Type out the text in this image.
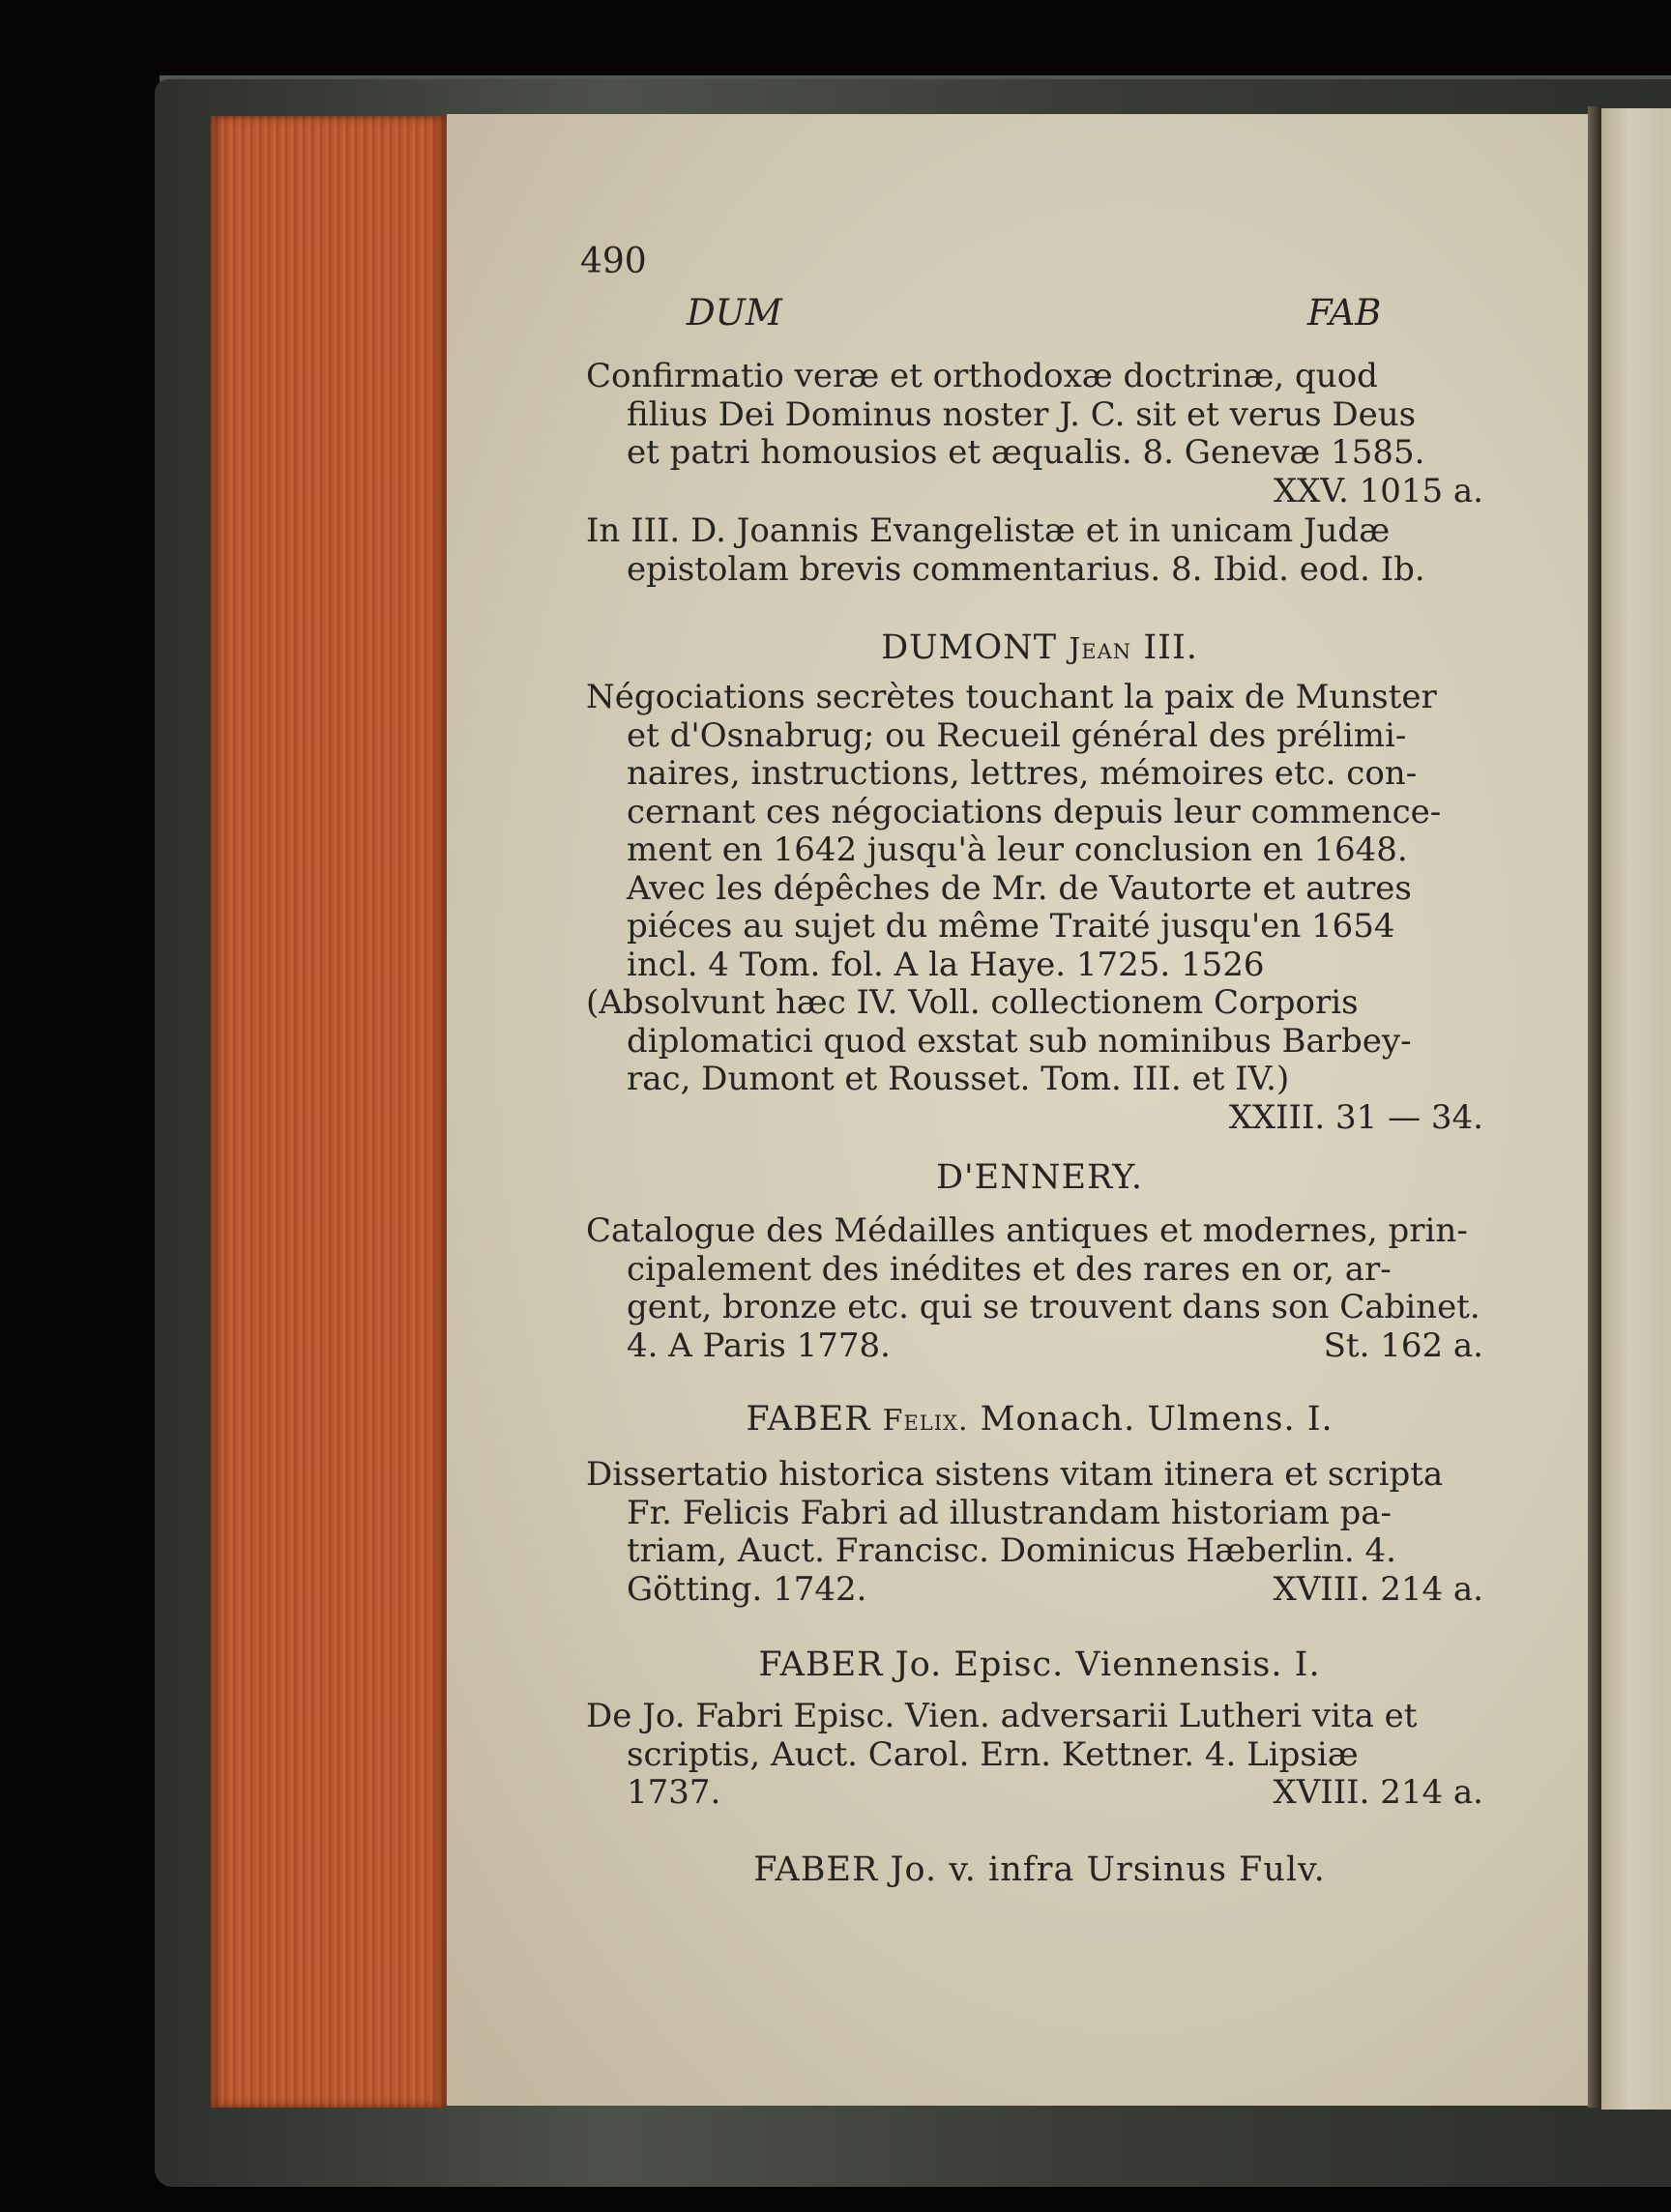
490
DUM	FAB
Confirmatio veræ et orthodoxæ doctrinæ, quod
filius Dei Dominus noster J. C. sit et verus Deus
et patri homousios et æqualis. 8. Genevæ 1585.
XXV. 1015 a.
In III. D. Joannis Evangelistæ et in unicam Judæ
epistolam brevis commentarius. 8. Ibid. eod. Ib.
DUMONT Jean III.
Négociations secrètes touchant la paix de Munster
et d'Osnabrug; ou Recueil général des prélimi-
naires, instructions, lettres, mémoires etc. con-
cernant ces négociations depuis leur commence-
ment en 1642 jusqu'à leur conclusion en 1648.
Avec les dépêches de Mr. de Vautorte et autres
piéces au sujet du même Traité jusqu'en 1654
incl. 4 Tom. fol. A la Haye. 1725. 1526
(Absolvunt hæc IV. Voll. collectionem Corporis
diplomatici quod exstat sub nominibus Barbey-
rac, Dumont et Rousset. Tom. III. et IV.)
XXIII. 31 — 34.
D'ENNERY.
Catalogue des Médailles antiques et modernes, prin-
cipalement des inédites et des rares en or, ar-
gent, bronze etc. qui se trouvent dans son Cabinet.
4. A Paris 1778.	St. 162 a.
FABER Felix. Monach. Ulmens. I.
Dissertatio historica sistens vitam itinera et scripta
Fr. Felicis Fabri ad illustrandam historiam pa-
triam, Auct. Francisc. Dominicus Hæberlin. 4.
Götting. 1742.	XVIII. 214 a.
FABER Jo. Episc. Viennensis. I.
De Jo. Fabri Episc. Vien. adversarii Lutheri vita et
scriptis, Auct. Carol. Ern. Kettner. 4. Lipsiæ
1737.	XVIII. 214 a.
FABER Jo. v. infra Ursinus Fulv.
